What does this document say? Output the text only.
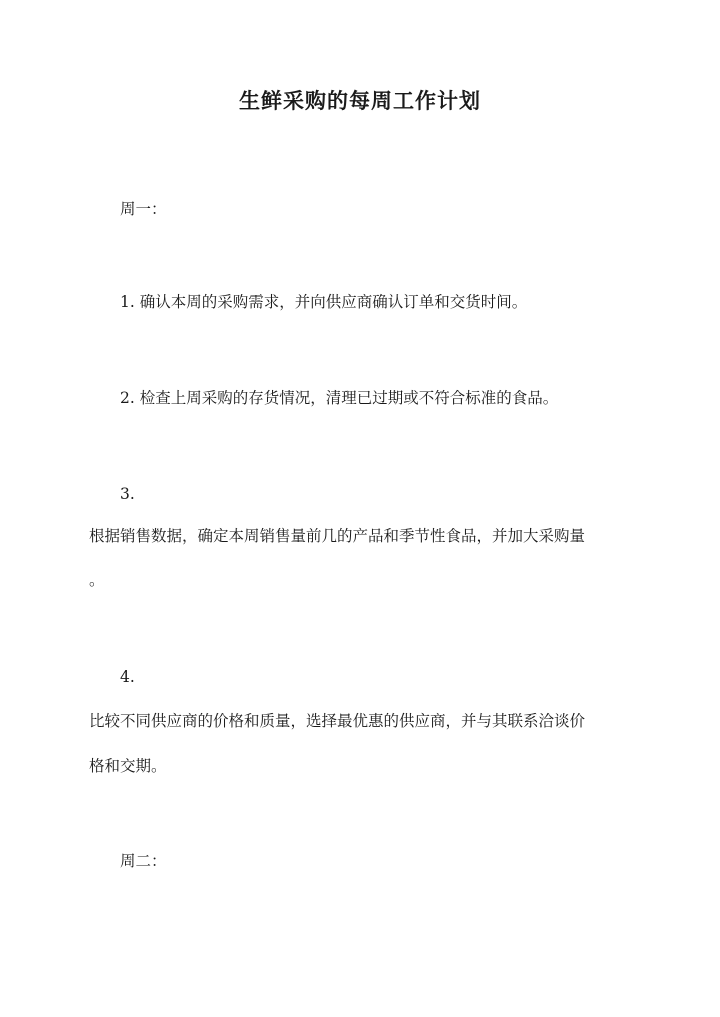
生鲜采购的每周工作计划

周一：

1. 确认本周的采购需求，并向供应商确认订单和交货时间。

2. 检查上周采购的存货情况，清理已过期或不符合标准的食品。

3.

根据销售数据，确定本周销售量前几的产品和季节性食品，并加大采购量

。

4.

比较不同供应商的价格和质量，选择最优惠的供应商，并与其联系洽谈价

格和交期。

周二：
